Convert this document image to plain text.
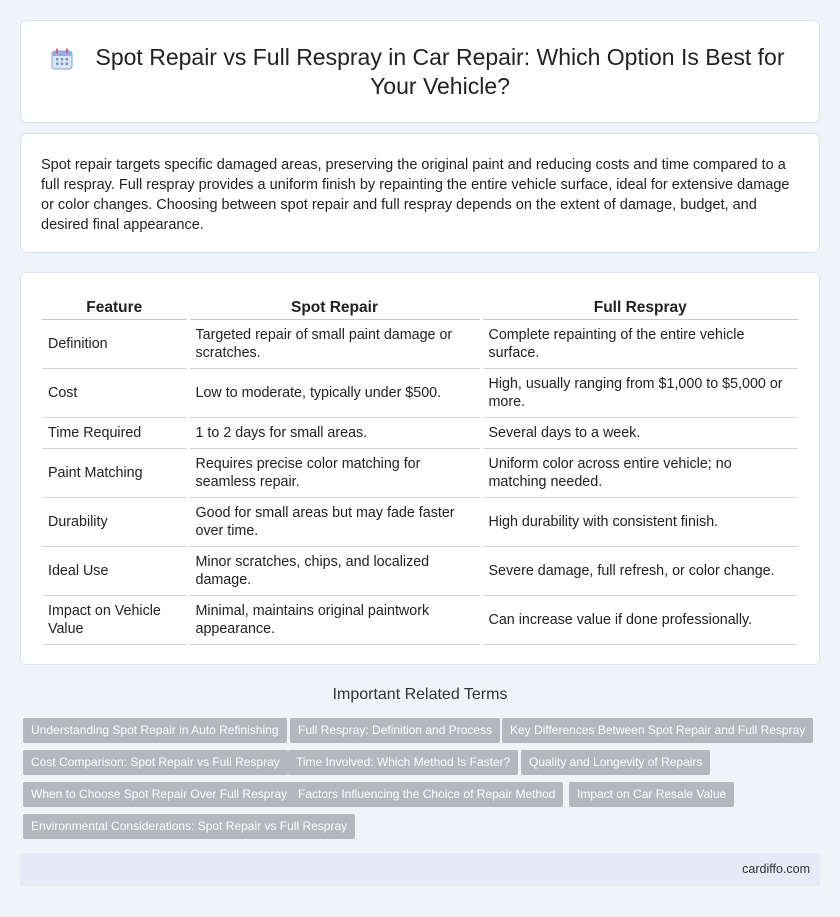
Spot Repair vs Full Respray in Car Repair: Which Option Is Best for Your Vehicle?

Spot repair targets specific damaged areas, preserving the original paint and reducing costs and time compared to a full respray. Full respray provides a uniform finish by repainting the entire vehicle surface, ideal for extensive damage or color changes. Choosing between spot repair and full respray depends on the extent of damage, budget, and desired final appearance.

Feature	Spot Repair	Full Respray
Definition	Targeted repair of small paint damage or scratches.	Complete repainting of the entire vehicle surface.
Cost	Low to moderate, typically under $500.	High, usually ranging from $1,000 to $5,000 or more.
Time Required	1 to 2 days for small areas.	Several days to a week.
Paint Matching	Requires precise color matching for seamless repair.	Uniform color across entire vehicle; no matching needed.
Durability	Good for small areas but may fade faster over time.	High durability with consistent finish.
Ideal Use	Minor scratches, chips, and localized damage.	Severe damage, full refresh, or color change.
Impact on Vehicle Value	Minimal, maintains original paintwork appearance.	Can increase value if done professionally.
Important Related Terms
Understanding Spot Repair in Auto Refinishing	Full Respray: Definition and Process	Key Differences Between Spot Repair and Full Respray
Cost Comparison: Spot Repair vs Full Respray	Time Involved: Which Method Is Faster?	Quality and Longevity of Repairs
When to Choose Spot Repair Over Full Respray Factors Influencing the Choice of Repair Method	Impact on Car Resale Value
Environmental Considerations: Spot Repair vs Full Respray
cardiffo.com
